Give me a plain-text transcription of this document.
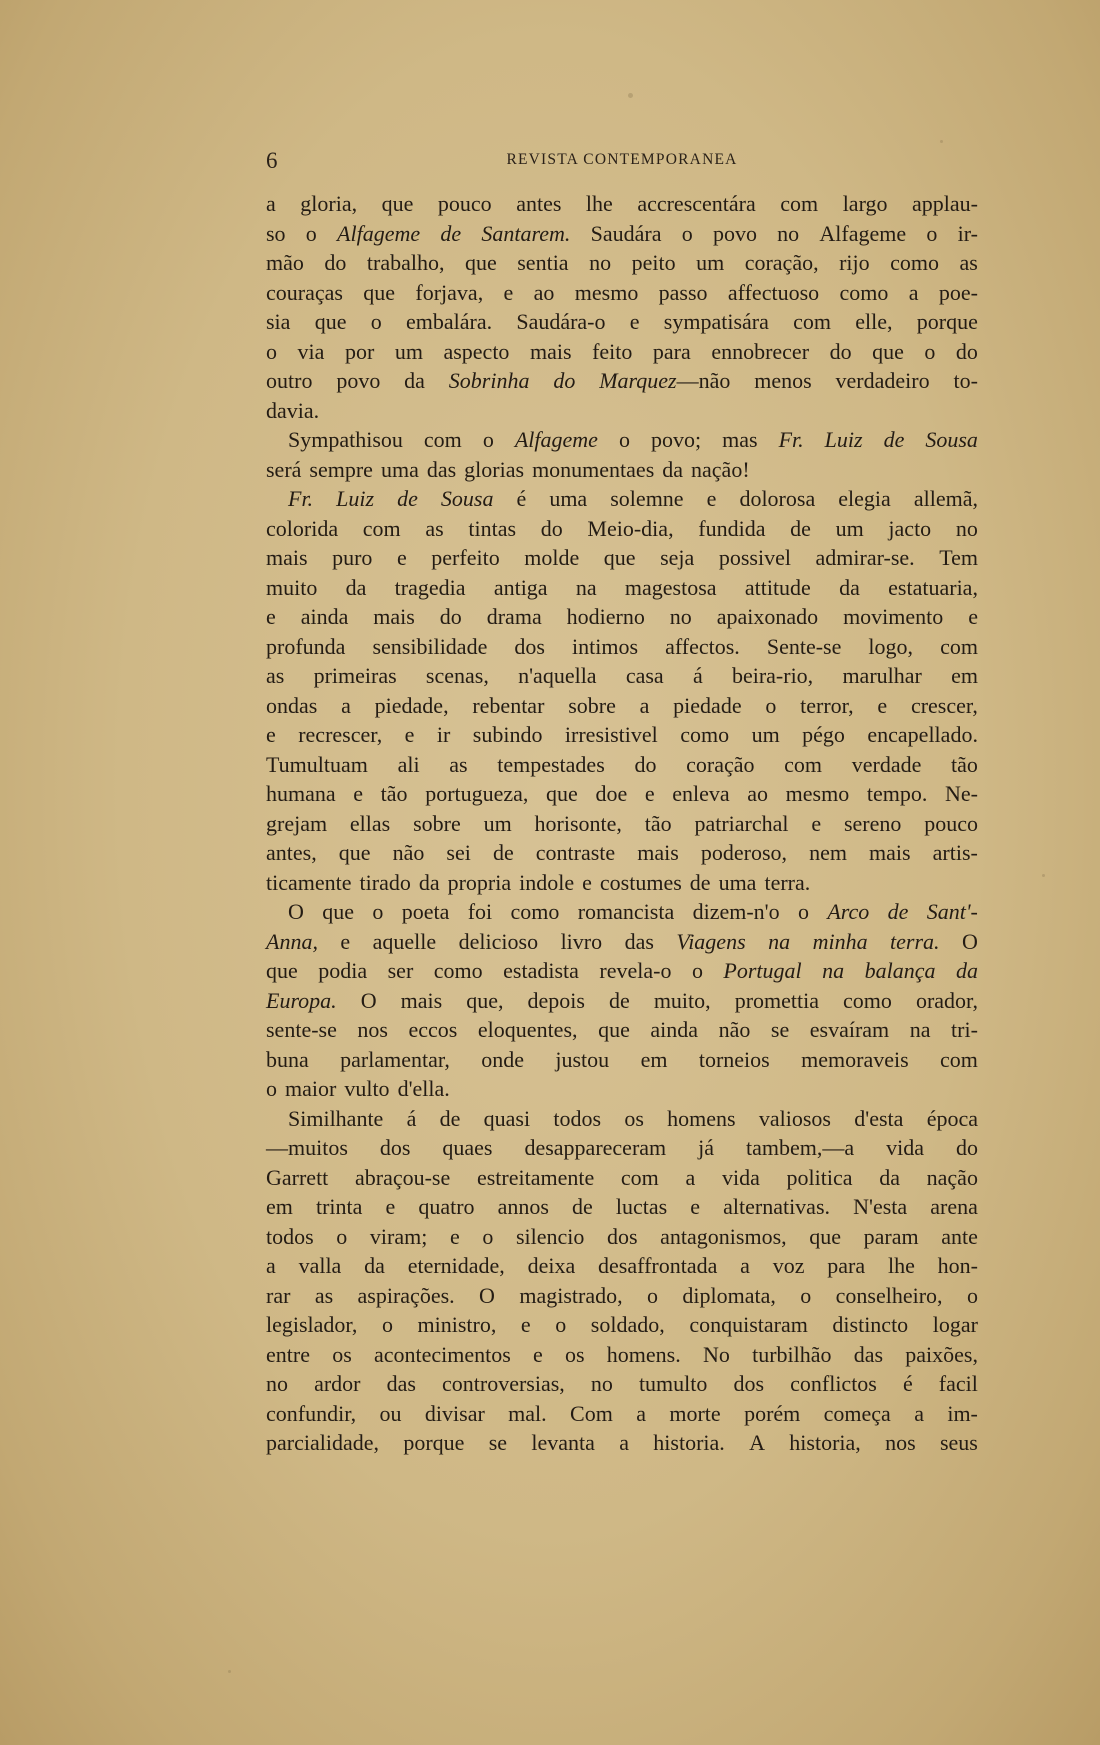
6	REVISTA CONTEMPORANEA
a gloria, que pouco antes lhe accrescentára com largo applau-
so o Alfageme de Santarem. Saudára o povo no Alfageme o ir-
mão do trabalho, que sentia no peito um coração, rijo como as
couraças que forjava, e ao mesmo passo affectuoso como a poe-
sia que o embalára. Saudára-o e sympatisára com elle, porque
o via por um aspecto mais feito para ennobrecer do que o do
outro povo da Sobrinha do Marquez—não menos verdadeiro to-
davia.
Sympathisou com o Alfageme o povo; mas Fr. Luiz de Sousa
será sempre uma das glorias monumentaes da nação!
Fr. Luiz de Sousa é uma solemne e dolorosa elegia allemã,
colorida com as tintas do Meio-dia, fundida de um jacto no
mais puro e perfeito molde que seja possivel admirar-se. Tem
muito da tragedia antiga na magestosa attitude da estatuaria,
e ainda mais do drama hodierno no apaixonado movimento e
profunda sensibilidade dos intimos affectos. Sente-se logo, com
as primeiras scenas, n'aquella casa á beira-rio, marulhar em
ondas a piedade, rebentar sobre a piedade o terror, e crescer,
e recrescer, e ir subindo irresistivel como um pégo encapellado.
Tumultuam ali as tempestades do coração com verdade tão
humana e tão portugueza, que doe e enleva ao mesmo tempo. Ne-
grejam ellas sobre um horisonte, tão patriarchal e sereno pouco
antes, que não sei de contraste mais poderoso, nem mais artis-
ticamente tirado da propria indole e costumes de uma terra.
O que o poeta foi como romancista dizem-n'o o Arco de Sant'-
Anna, e aquelle delicioso livro das Viagens na minha terra. O
que podia ser como estadista revela-o o Portugal na balança da
Europa. O mais que, depois de muito, promettia como orador,
sente-se nos eccos eloquentes, que ainda não se esvaíram na tri-
buna parlamentar, onde justou em torneios memoraveis com
o maior vulto d'ella.
Similhante á de quasi todos os homens valiosos d'esta época
—muitos dos quaes desappareceram já tambem,—a vida do
Garrett abraçou-se estreitamente com a vida politica da nação
em trinta e quatro annos de luctas e alternativas. N'esta arena
todos o viram; e o silencio dos antagonismos, que param ante
a valla da eternidade, deixa desaffrontada a voz para lhe hon-
rar as aspirações. O magistrado, o diplomata, o conselheiro, o
legislador, o ministro, e o soldado, conquistaram distincto logar
entre os acontecimentos e os homens. No turbilhão das paixões,
no ardor das controversias, no tumulto dos conflictos é facil
confundir, ou divisar mal. Com a morte porém começa a im-
parcialidade, porque se levanta a historia. A historia, nos seus
